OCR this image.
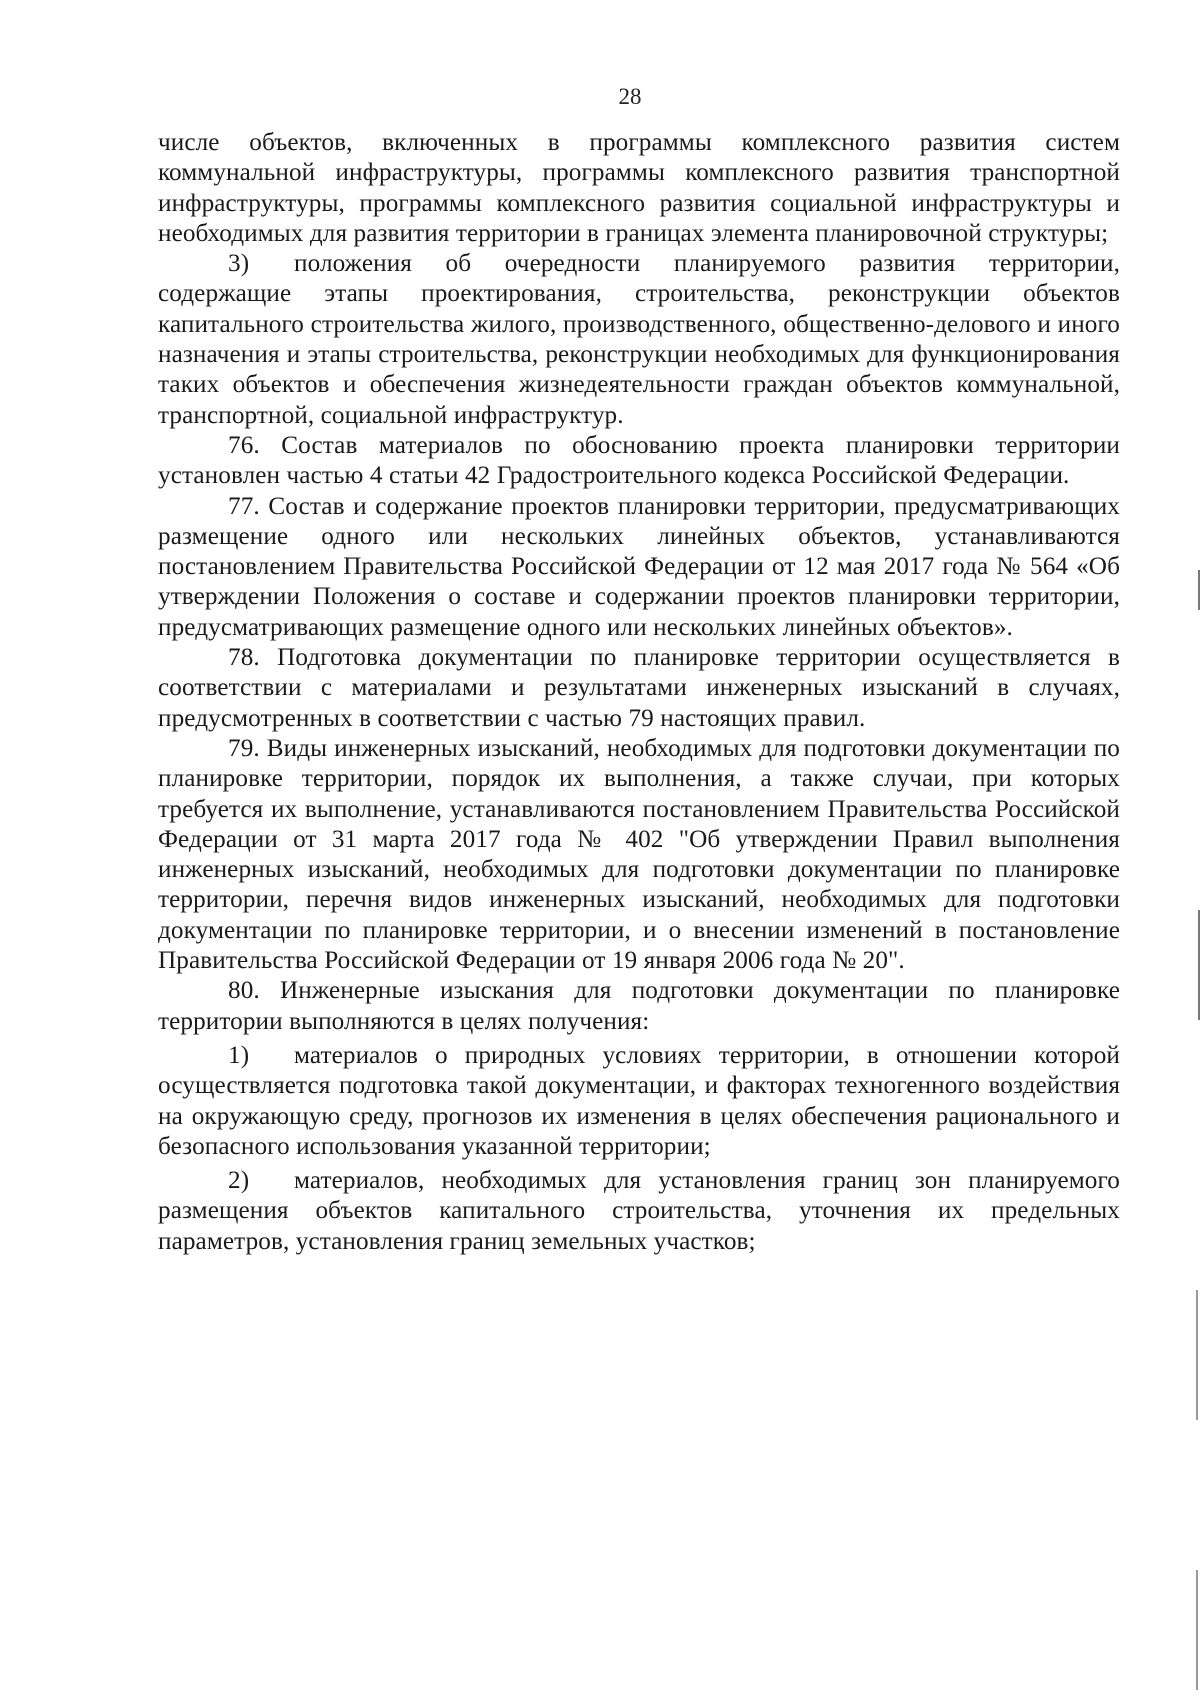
28

числе объектов, включенных в программы комплексного развития систем коммунальной инфраструктуры, программы комплексного развития транспортной инфраструктуры, программы комплексного развития социальной инфраструктуры и необходимых для развития территории в границах элемента планировочной структуры;

3) положения об очередности планируемого развития территории, содержащие этапы проектирования, строительства, реконструкции объектов капитального строительства жилого, производственного, общественно-делового и иного назначения и этапы строительства, реконструкции необходимых для функционирования таких объектов и обеспечения жизнедеятельности граждан объектов коммунальной, транспортной, социальной инфраструктур.

76. Состав материалов по обоснованию проекта планировки территории установлен частью 4 статьи 42 Градостроительного кодекса Российской Федерации.

77. Состав и содержание проектов планировки территории, предусматривающих размещение одного или нескольких линейных объектов, устанавливаются постановлением Правительства Российской Федерации от 12 мая 2017 года № 564 «Об утверждении Положения о составе и содержании проектов планировки территории, предусматривающих размещение одного или нескольких линейных объектов».

78. Подготовка документации по планировке территории осуществляется в соответствии с материалами и результатами инженерных изысканий в случаях, предусмотренных в соответствии с частью 79 настоящих правил.

79. Виды инженерных изысканий, необходимых для подготовки документации по планировке территории, порядок их выполнения, а также случаи, при которых требуется их выполнение, устанавливаются постановлением Правительства Российской Федерации от 31 марта 2017 года № 402 "Об утверждении Правил выполнения инженерных изысканий, необходимых для подготовки документации по планировке территории, перечня видов инженерных изысканий, необходимых для подготовки документации по планировке территории, и о внесении изменений в постановление Правительства Российской Федерации от 19 января 2006 года № 20".

80. Инженерные изыскания для подготовки документации по планировке территории выполняются в целях получения:

1) материалов о природных условиях территории, в отношении которой осуществляется подготовка такой документации, и факторах техногенного воздействия на окружающую среду, прогнозов их изменения в целях обеспечения рационального и безопасного использования указанной территории;

2) материалов, необходимых для установления границ зон планируемого размещения объектов капитального строительства, уточнения их предельных параметров, установления границ земельных участков;
